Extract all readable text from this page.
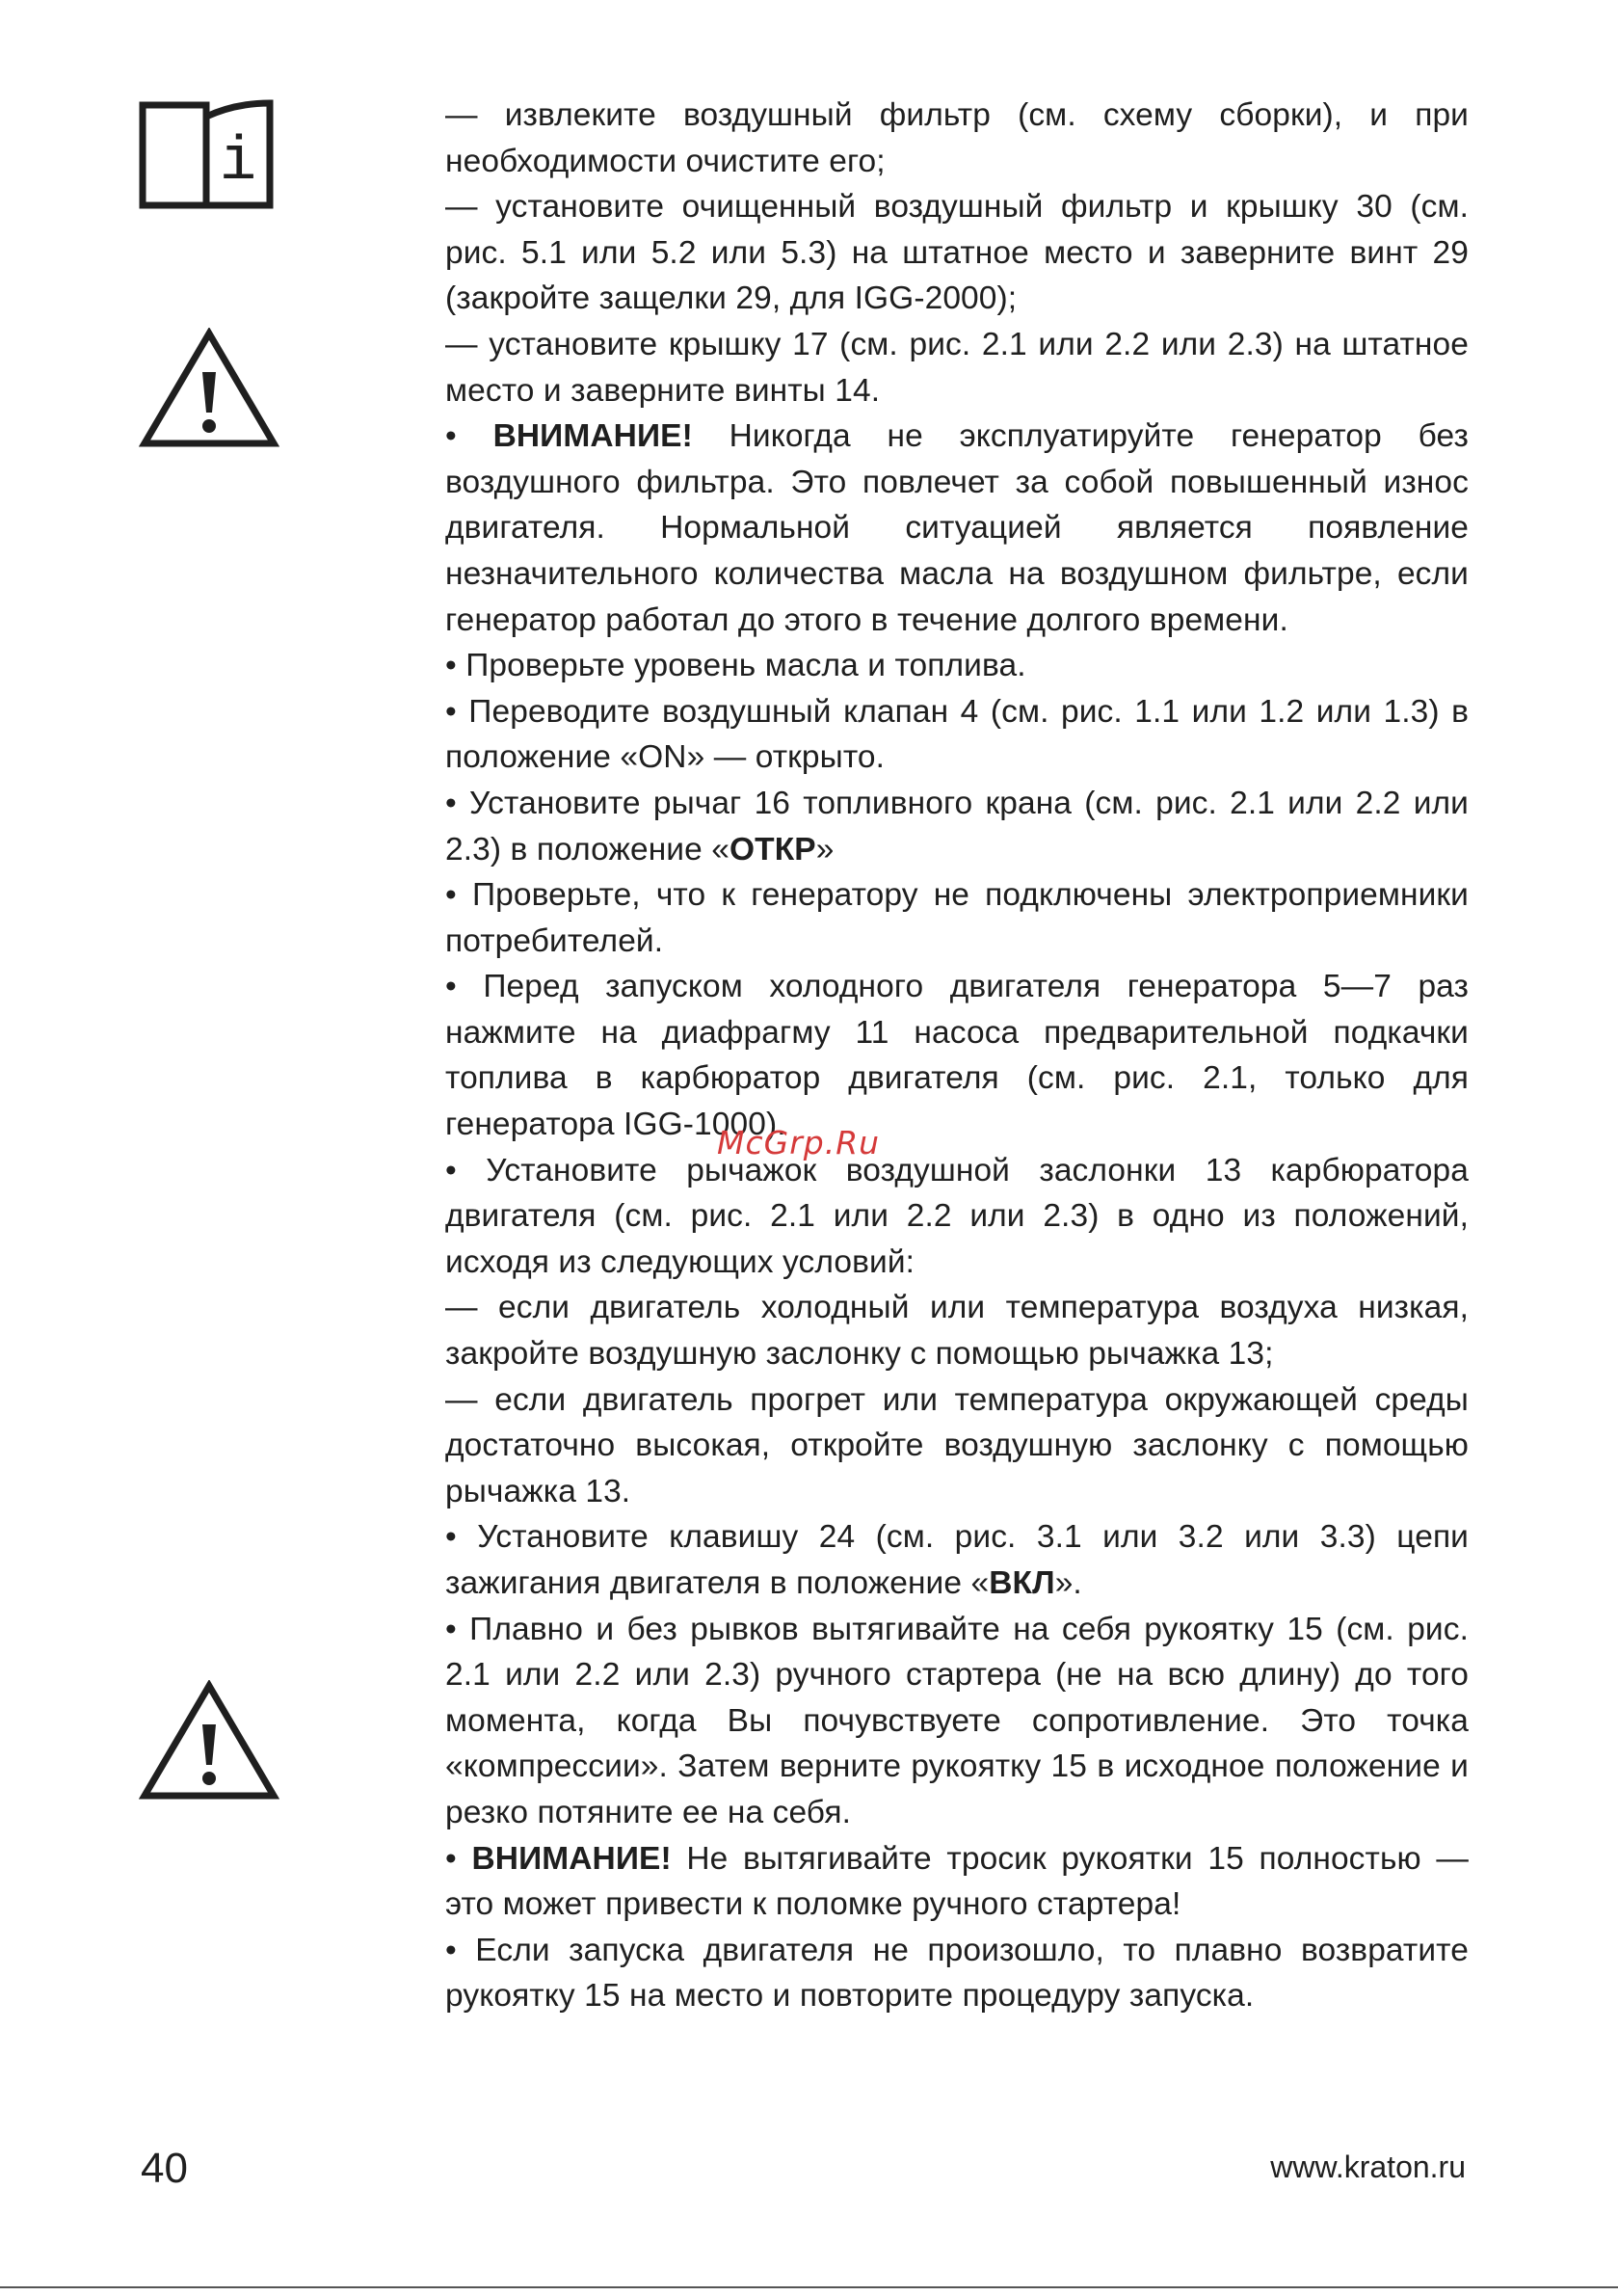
i

— извлеките воздушный фильтр (см. схему сборки), и при необходимости очистите его;

— установите очищенный воздушный фильтр и крышку 30 (см. рис. 5.1 или 5.2 или 5.3) на штатное место и заверните винт 29 (закройте защелки 29, для IGG-2000);

— установите крышку 17 (см. рис. 2.1 или 2.2 или 2.3) на штатное место и заверните винты 14.

• ВНИМАНИЕ! Никогда не эксплуатируйте генератор без воздушного фильтра. Это повлечет за собой повышенный износ двигателя. Нормальной ситуацией является появление незначительного количества масла на воздушном фильтре, если генератор работал до этого в течение долгого времени.

• Проверьте уровень масла и топлива.

• Переводите воздушный клапан 4 (см. рис. 1.1 или 1.2 или 1.3) в положение «ON» — открыто.

• Установите рычаг 16 топливного крана (см. рис. 2.1 или 2.2 или 2.3) в положение «ОТКР»

• Проверьте, что к генератору не подключены электроприемники потребителей.

• Перед запуском холодного двигателя генератора 5—7 раз нажмите на диафрагму 11 насоса предварительной подкачки топлива в карбюратор двигателя (см. рис. 2.1, только для генератора IGG-1000).

• Установите рычажок воздушной заслонки 13 карбюратора двигателя (см. рис. 2.1 или 2.2 или 2.3) в одно из положений, исходя из следующих условий:

— если двигатель холодный или температура воздуха низкая, закройте воздушную заслонку с помощью рычажка 13;

— если двигатель прогрет или температура окружающей среды достаточно высокая, откройте воздушную заслонку с помощью рычажка 13.

• Установите клавишу 24 (см. рис. 3.1 или 3.2 или 3.3) цепи зажигания двигателя в положение «ВКЛ».

• Плавно и без рывков вытягивайте на себя рукоятку 15 (см. рис. 2.1 или 2.2 или 2.3) ручного стартера (не на всю длину) до того момента, когда Вы почувствуете сопротивление. Это точка «компрессии». Затем верните рукоятку 15 в исходное положение и резко потяните ее на себя.

• ВНИМАНИЕ! Не вытягивайте тросик рукоятки 15 полностью — это может привести к поломке ручного стартера!

• Если запуска двигателя не произошло, то плавно возвратите рукоятку 15 на место и повторите процедуру запуска.

McGrp.Ru
40	www.kraton.ru
